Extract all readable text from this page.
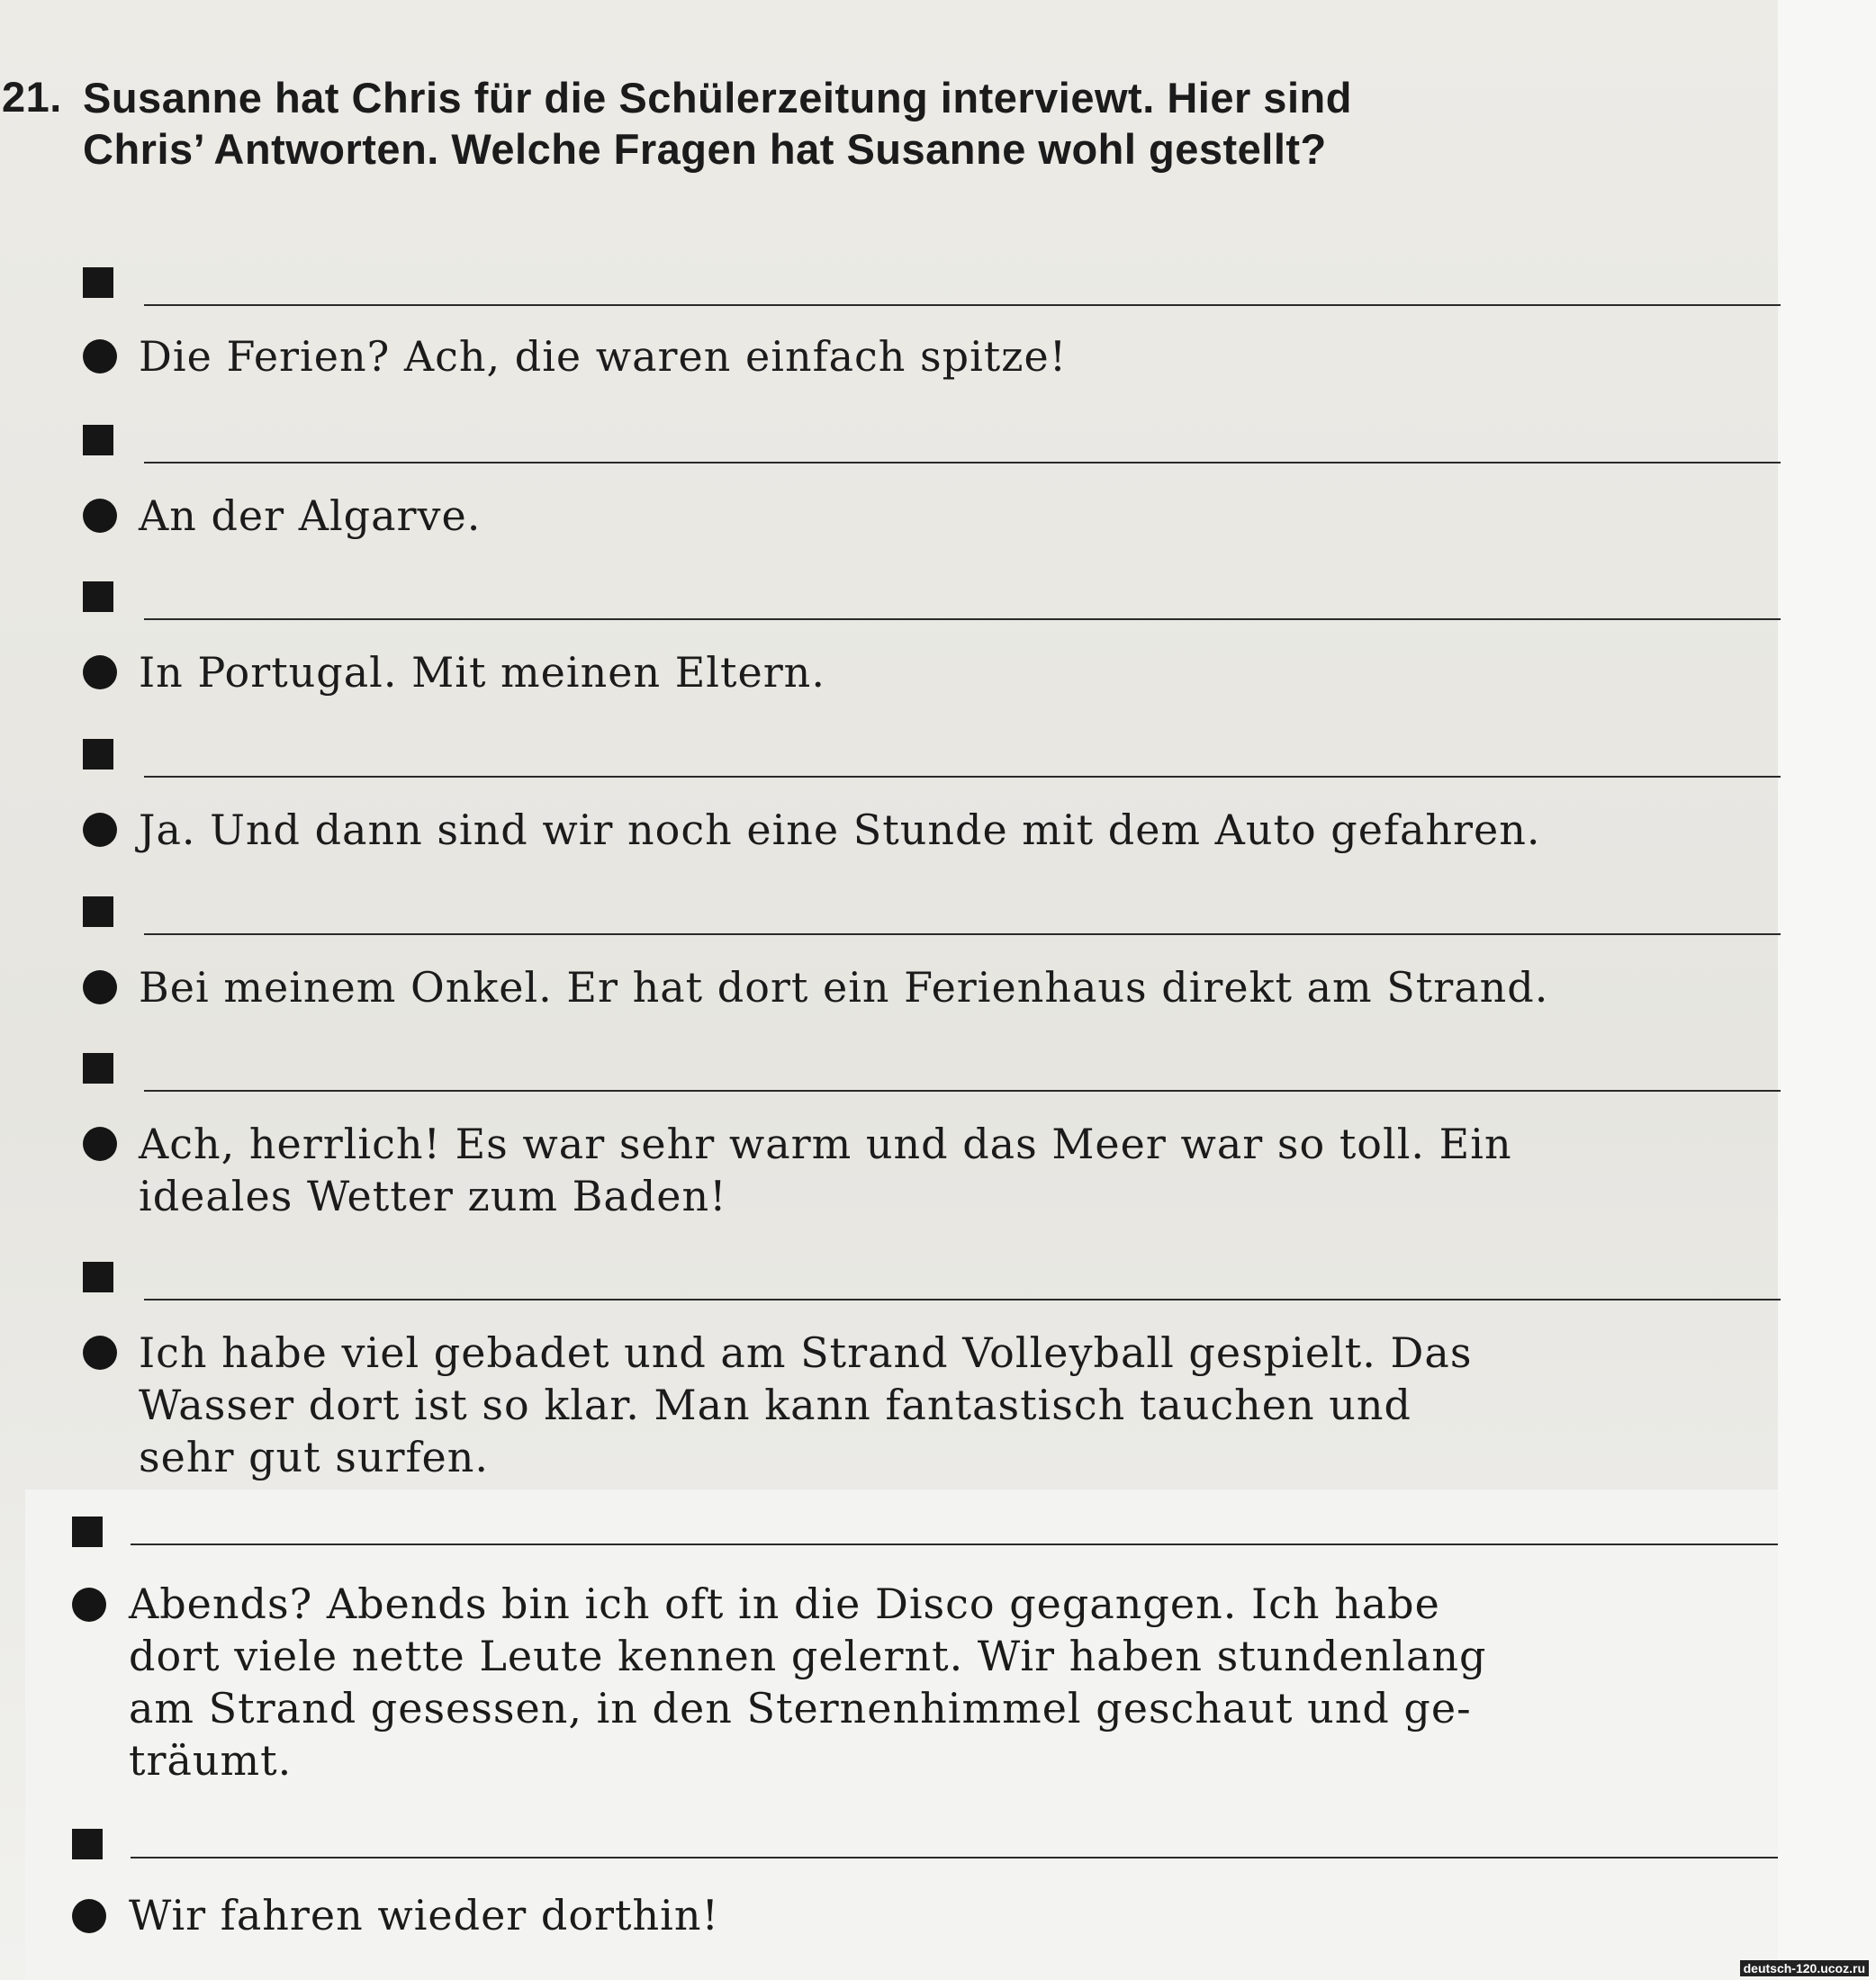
21. Susanne hat Chris für die Schülerzeitung interviewt. Hier sind Chris’ Antworten. Welche Fragen hat Susanne wohl gestellt?
Die Ferien? Ach, die waren einfach spitze!
An der Algarve.
In Portugal. Mit meinen Eltern.
Ja. Und dann sind wir noch eine Stunde mit dem Auto gefahren.
Bei meinem Onkel. Er hat dort ein Ferienhaus direkt am Strand.
Ach, herrlich! Es war sehr warm und das Meer war so toll. Ein
ideales Wetter zum Baden!
Ich habe viel gebadet und am Strand Volleyball gespielt. Das
Wasser dort ist so klar. Man kann fantastisch tauchen und
sehr gut surfen.
Abends? Abends bin ich oft in die Disco gegangen. Ich habe
dort viele nette Leute kennen gelernt. Wir haben stundenlang
am Strand gesessen, in den Sternenhimmel geschaut und ge-
träumt.
Wir fahren wieder dorthin!
deutsch-120.ucoz.ru
